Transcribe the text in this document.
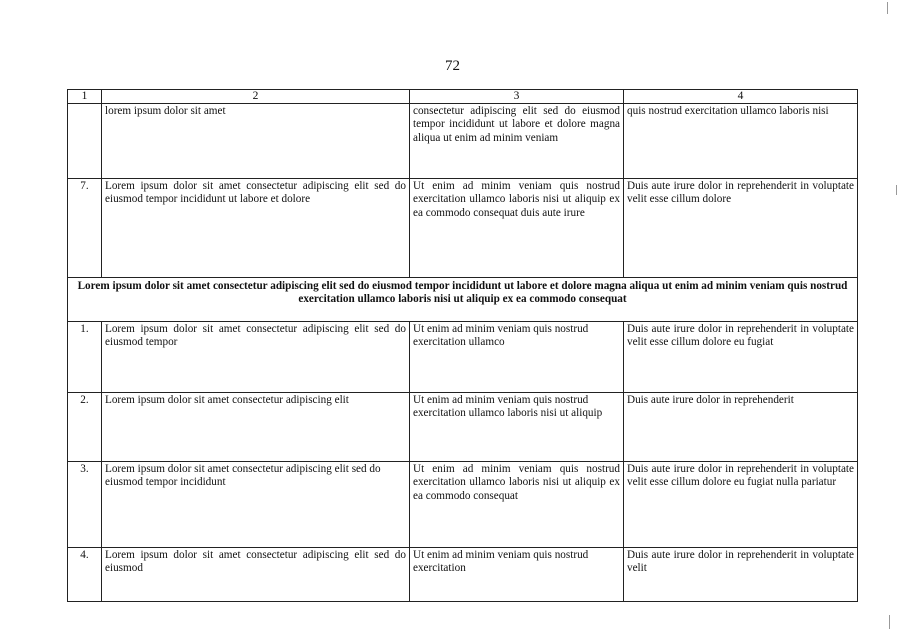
72
1	2	3	4
	lorem ipsum dolor sit amet	consectetur adipiscing elit sed do eiusmod tempor incididunt ut labore et dolore magna aliqua ut enim ad minim veniam	quis nostrud exercitation ullamco laboris nisi
7.	Lorem ipsum dolor sit amet consectetur adipiscing elit sed do eiusmod tempor incididunt ut labore et dolore	Ut enim ad minim veniam quis nostrud exercitation ullamco laboris nisi ut aliquip ex ea commodo consequat duis aute irure	Duis aute irure dolor in reprehenderit in voluptate velit esse cillum dolore
Lorem ipsum dolor sit amet consectetur adipiscing elit sed do eiusmod tempor incididunt ut labore et dolore magna aliqua ut enim ad minim veniam quis nostrud exercitation ullamco laboris nisi ut aliquip ex ea commodo consequat			
1.	Lorem ipsum dolor sit amet consectetur adipiscing elit sed do eiusmod tempor	Ut enim ad minim veniam quis nostrud exercitation ullamco	Duis aute irure dolor in reprehenderit in voluptate velit esse cillum dolore eu fugiat
2.	Lorem ipsum dolor sit amet consectetur adipiscing elit	Ut enim ad minim veniam quis nostrud exercitation ullamco laboris nisi ut aliquip	Duis aute irure dolor in reprehenderit
3.	Lorem ipsum dolor sit amet consectetur adipiscing elit sed do eiusmod tempor incididunt	Ut enim ad minim veniam quis nostrud exercitation ullamco laboris nisi ut aliquip ex ea commodo consequat	Duis aute irure dolor in reprehenderit in voluptate velit esse cillum dolore eu fugiat nulla pariatur
4.	Lorem ipsum dolor sit amet consectetur adipiscing elit sed do eiusmod	Ut enim ad minim veniam quis nostrud exercitation	Duis aute irure dolor in reprehenderit in voluptate velit
